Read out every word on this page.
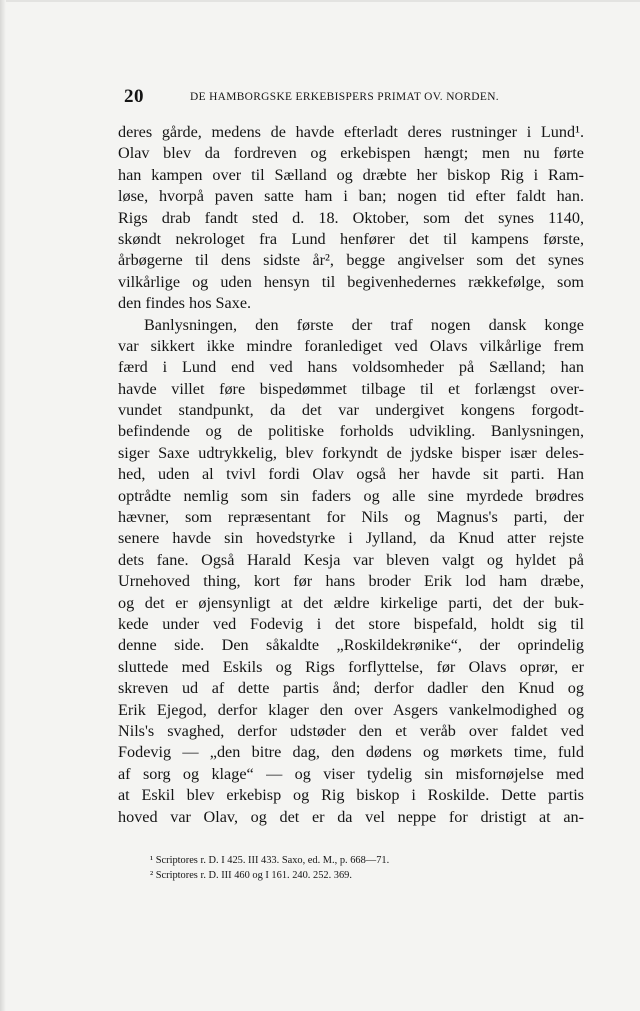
20	DE HAMBORGSKE ERKEBISPERS PRIMAT OV. NORDEN.
deres gårde, medens de havde efterladt deres rustninger i Lund¹.
Olav blev da fordreven og erkebispen hængt; men nu førte
han kampen over til Sælland og dræbte her biskop Rig i Ram-
løse, hvorpå paven satte ham i ban; nogen tid efter faldt han.
Rigs drab fandt sted d. 18. Oktober, som det synes 1140,
skøndt nekrologet fra Lund henfører det til kampens første,
årbøgerne til dens sidste år², begge angivelser som det synes
vilkårlige og uden hensyn til begivenhedernes rækkefølge, som
den findes hos Saxe.
Banlysningen, den første der traf nogen dansk konge
var sikkert ikke mindre foranlediget ved Olavs vilkårlige frem
færd i Lund end ved hans voldsomheder på Sælland; han
havde villet føre bispedømmet tilbage til et forlængst over-
vundet standpunkt, da det var undergivet kongens forgodt-
befindende og de politiske forholds udvikling. Banlysningen,
siger Saxe udtrykkelig, blev forkyndt de jydske bisper især deles-
hed, uden al tvivl fordi Olav også her havde sit parti. Han
optrådte nemlig som sin faders og alle sine myrdede brødres
hævner, som repræsentant for Nils og Magnus's parti, der
senere havde sin hovedstyrke i Jylland, da Knud atter rejste
dets fane. Også Harald Kesja var bleven valgt og hyldet på
Urnehoved thing, kort før hans broder Erik lod ham dræbe,
og det er øjensynligt at det ældre kirkelige parti, det der buk-
kede under ved Fodevig i det store bispefald, holdt sig til
denne side. Den såkaldte „Roskildekrønike“, der oprindelig
sluttede med Eskils og Rigs forflyttelse, før Olavs oprør, er
skreven ud af dette partis ånd; derfor dadler den Knud og
Erik Ejegod, derfor klager den over Asgers vankelmodighed og
Nils's svaghed, derfor udstøder den et veråb over faldet ved
Fodevig — „den bitre dag, den dødens og mørkets time, fuld
af sorg og klage“ — og viser tydelig sin misfornøjelse med
at Eskil blev erkebisp og Rig biskop i Roskilde. Dette partis
hoved var Olav, og det er da vel neppe for dristigt at an-
¹ Scriptores r. D. I 425. III 433. Saxo, ed. M., p. 668—71.
² Scriptores r. D. III 460 og I 161. 240. 252. 369.
